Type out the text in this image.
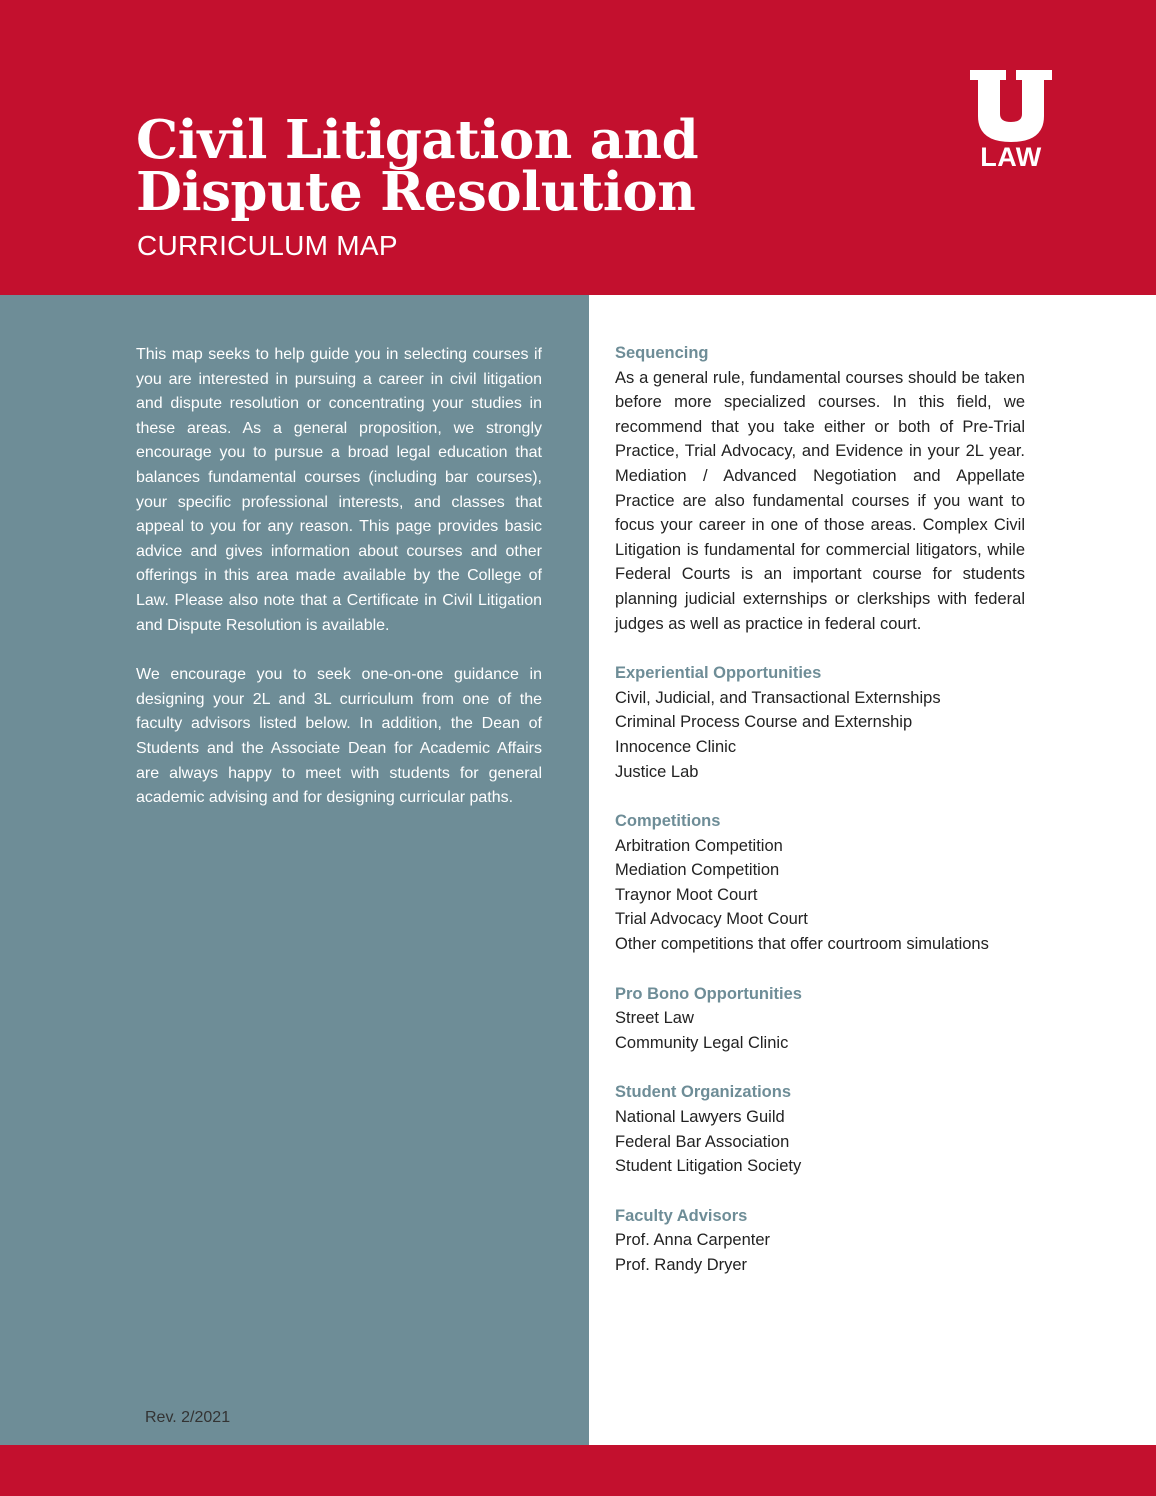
Civil Litigation and
Dispute Resolution
CURRICULUM MAP
LAW

This map seeks to help guide you in selecting courses if you are interested in pursuing a career in civil litigation and dispute resolution or concentrating your studies in these areas. As a general proposition, we strongly encourage you to pursue a broad legal education that balances fundamental courses (including bar courses), your specific professional interests, and classes that appeal to you for any reason. This page provides basic advice and gives information about courses and other offerings in this area made available by the College of Law. Please also note that a Certificate in Civil Litigation and Dispute Resolution is available.

We encourage you to seek one-on-one guidance in designing your 2L and 3L curriculum from one of the faculty advisors listed below. In addition, the Dean of Students and the Associate Dean for Academic Affairs are always happy to meet with students for general academic advising and for designing curricular paths.

Rev. 2/2021
Sequencing

As a general rule, fundamental courses should be taken before more specialized courses. In this field, we recommend that you take either or both of Pre-Trial Practice, Trial Advocacy, and Evidence in your 2L year. Mediation / Advanced Negotiation and Appellate Practice are also fundamental courses if you want to focus your career in one of those areas. Complex Civil Litigation is fundamental for commercial litigators, while Federal Courts is an important course for students planning judicial externships or clerkships with federal judges as well as practice in federal court.

Experiential Opportunities
Civil, Judicial, and Transactional Externships
Criminal Process Course and Externship
Innocence Clinic
Justice Lab
Competitions
Arbitration Competition
Mediation Competition
Traynor Moot Court
Trial Advocacy Moot Court
Other competitions that offer courtroom simulations
Pro Bono Opportunities
Street Law
Community Legal Clinic
Student Organizations
National Lawyers Guild
Federal Bar Association
Student Litigation Society
Faculty Advisors
Prof. Anna Carpenter
Prof. Randy Dryer
